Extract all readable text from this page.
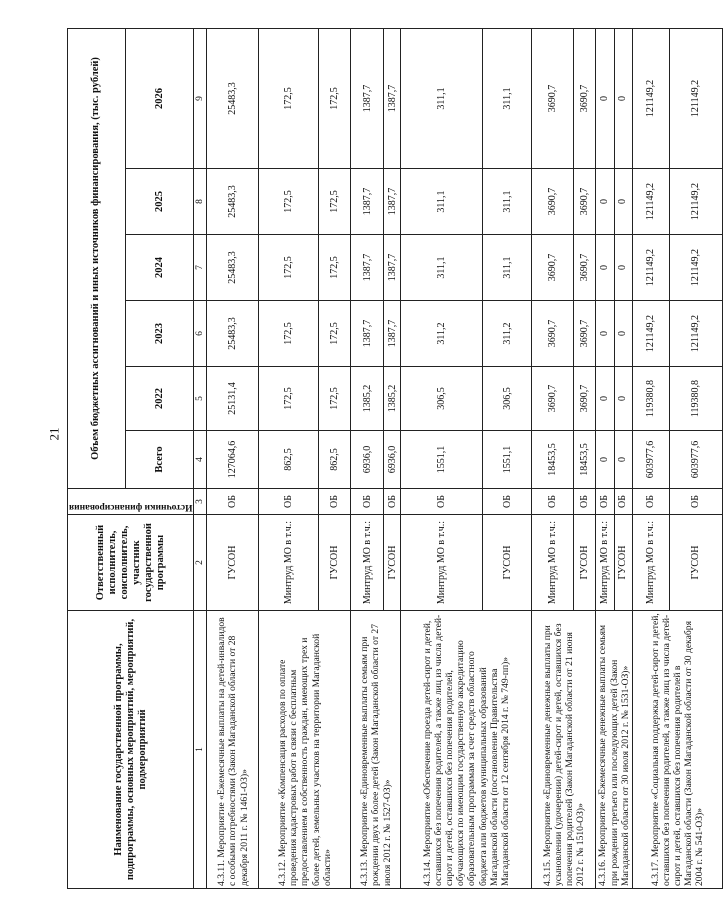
21
Наименование государственной программы, подпрограммы, основных мероприятий, мероприятий, подмероприятий	Ответственный исполнитель, соисполнитель, участник государственной программы	Источники финансирования	Объем бюджетных ассигнований и иных источников финансирования, (тыс. рублей)					
			Всего	2022	2023	2024	2025	2026
1	2	3	4	5	6	7	8	9
4.3.11. Мероприятие «Ежемесячные выплаты на детей-инвалидов с особыми потребностями (Закон Магаданской области от 28 декабря 2011 г. № 1461-ОЗ)»	ГУСОН	ОБ	127064,6	25131,4	25483,3	25483,3	25483,3	25483,3
4.3.12. Мероприятие «Компенсация расходов по оплате проведения кадастровых работ в связи с бесплатным предоставлением в собственность граждан, имеющих трех и более детей, земельных участков на территории Магаданской области»	Минтруд МО в т.ч.:	ОБ	862,5	172,5	172,5	172,5	172,5	172,5
	ГУСОН	ОБ	862,5	172,5	172,5	172,5	172,5	172,5
4.3.13. Мероприятие «Единовременные выплаты семьям при рождении двух и более детей (Закон Магаданской области от 27 июля 2012 г. № 1527-ОЗ)»	Минтруд МО в т.ч.:	ОБ	6936,0	1385,2	1387,7	1387,7	1387,7	1387,7
	ГУСОН	ОБ	6936,0	1385,2	1387,7	1387,7	1387,7	1387,7
4.3.14. Мероприятие «Обеспечение проезда детей-сирот и детей, оставшихся без попечения родителей, а также лиц из числа детей-сирот и детей, оставшихся без попечения родителей, обучающихся по имеющим государственную аккредитацию образовательным программам за счет средств областного бюджета или бюджетов муниципальных образований Магаданской области (постановление Правительства Магаданской области от 12 сентября 2014 г. № 749-пп)»	Минтруд МО в т.ч.:	ОБ	1551,1	306,5	311,2	311,1	311,1	311,1
	ГУСОН	ОБ	1551,1	306,5	311,2	311,1	311,1	311,1
4.3.15. Мероприятие «Единовременные денежные выплаты при усыновлении (удочерении) детей-сирот и детей, оставшихся без попечения родителей (Закон Магаданской области от 21 июня 2012 г. № 1510-ОЗ)»	Минтруд МО в т.ч.:	ОБ	18453,5	3690,7	3690,7	3690,7	3690,7	3690,7
	ГУСОН	ОБ	18453,5	3690,7	3690,7	3690,7	3690,7	3690,7
4.3.16. Мероприятие «Ежемесячные денежные выплаты семьям при рождении третьего или последующих детей (Закон Магаданской области от 30 июля 2012 г. № 1531-ОЗ)»	Минтруд МО в т.ч.:	ОБ	0	0	0	0	0	0
	ГУСОН	ОБ	0	0	0	0	0	0
4.3.17. Мероприятие «Социальная поддержка детей-сирот и детей, оставшихся без попечения родителей, а также лиц из числа детей-сирот и детей, оставшихся без попечения родителей в Магаданской области (Закон Магаданской области от 30 декабря 2004 г. № 541-ОЗ)»	Минтруд МО в т.ч.:	ОБ	603977,6	119380,8	121149,2	121149,2	121149,2	121149,2
	ГУСОН	ОБ	603977,6	119380,8	121149,2	121149,2	121149,2	121149,2
